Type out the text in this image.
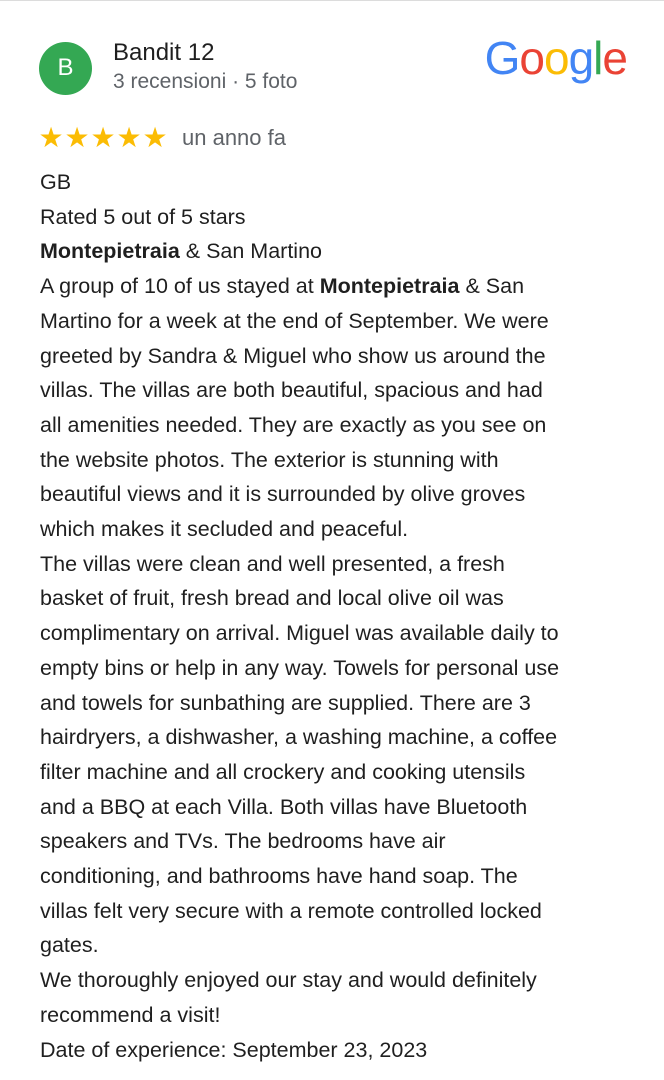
B
Bandit 12
3 recensioni · 5 foto	Google
★ ★ ★ ★ ★ un anno fa
GB
Rated 5 out of 5 stars
Montepietraia & San Martino
A group of 10 of us stayed at Montepietraia & San
Martino for a week at the end of September. We were
greeted by Sandra & Miguel who show us around the
villas. The villas are both beautiful, spacious and had
all amenities needed. They are exactly as you see on
the website photos. The exterior is stunning with
beautiful views and it is surrounded by olive groves
which makes it secluded and peaceful.
The villas were clean and well presented, a fresh
basket of fruit, fresh bread and local olive oil was
complimentary on arrival. Miguel was available daily to
empty bins or help in any way. Towels for personal use
and towels for sunbathing are supplied. There are 3
hairdryers, a dishwasher, a washing machine, a coffee
filter machine and all crockery and cooking utensils
and a BBQ at each Villa. Both villas have Bluetooth
speakers and TVs. The bedrooms have air
conditioning, and bathrooms have hand soap. The
villas felt very secure with a remote controlled locked
gates.
We thoroughly enjoyed our stay and would definitely
recommend a visit!
Date of experience: September 23, 2023
